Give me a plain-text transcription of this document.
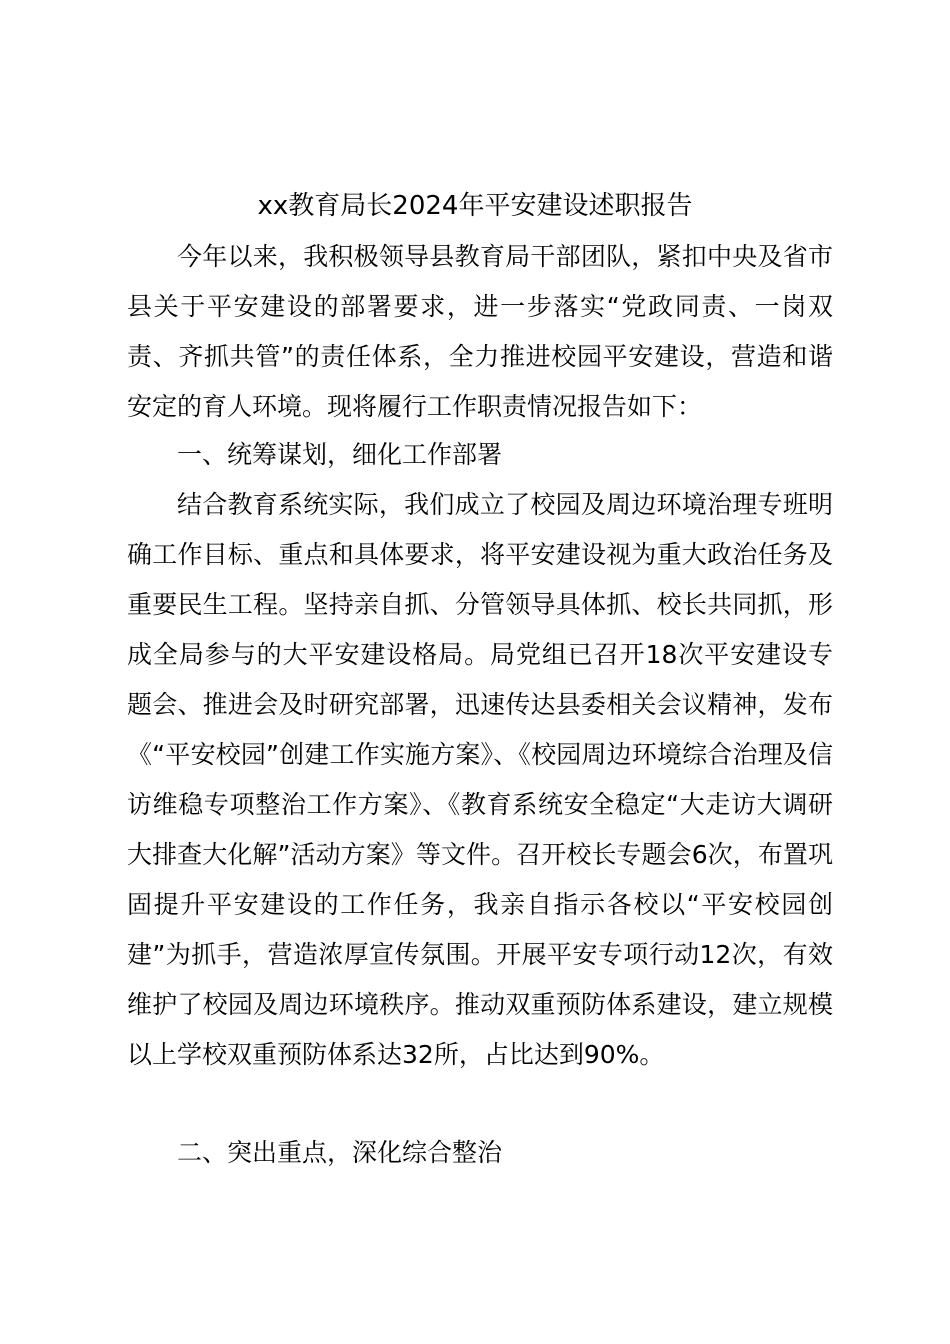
xx教育局长2024年平安建设述职报告
今年以来，我积极领导县教育局干部团队，紧扣中央及省市县关于平安建设的部署要求，进一步落实“党政同责、一岗双责、齐抓共管”的责任体系，全力推进校园平安建设，营造和谐安定的育人环境。现将履行工作职责情况报告如下：
一、统筹谋划，细化工作部署
结合教育系统实际，我们成立了校园及周边环境治理专班明确工作目标、重点和具体要求，将平安建设视为重大政治任务及重要民生工程。坚持亲自抓、分管领导具体抓、校长共同抓，形成全局参与的大平安建设格局。局党组已召开18次平安建设专题会、推进会及时研究部署，迅速传达县委相关会议精神，发布《“平安校园”创建工作实施方案》、《校园周边环境综合治理及信访维稳专项整治工作方案》、《教育系统安全稳定“大走访大调研大排查大化解”活动方案》等文件。召开校长专题会6次，布置巩固提升平安建设的工作任务，我亲自指示各校以“平安校园创建”为抓手，营造浓厚宣传氛围。开展平安专项行动12次，有效维护了校园及周边环境秩序。推动双重预防体系建设，建立规模以上学校双重预防体系达32所，占比达到90%。
二、突出重点，深化综合整治
